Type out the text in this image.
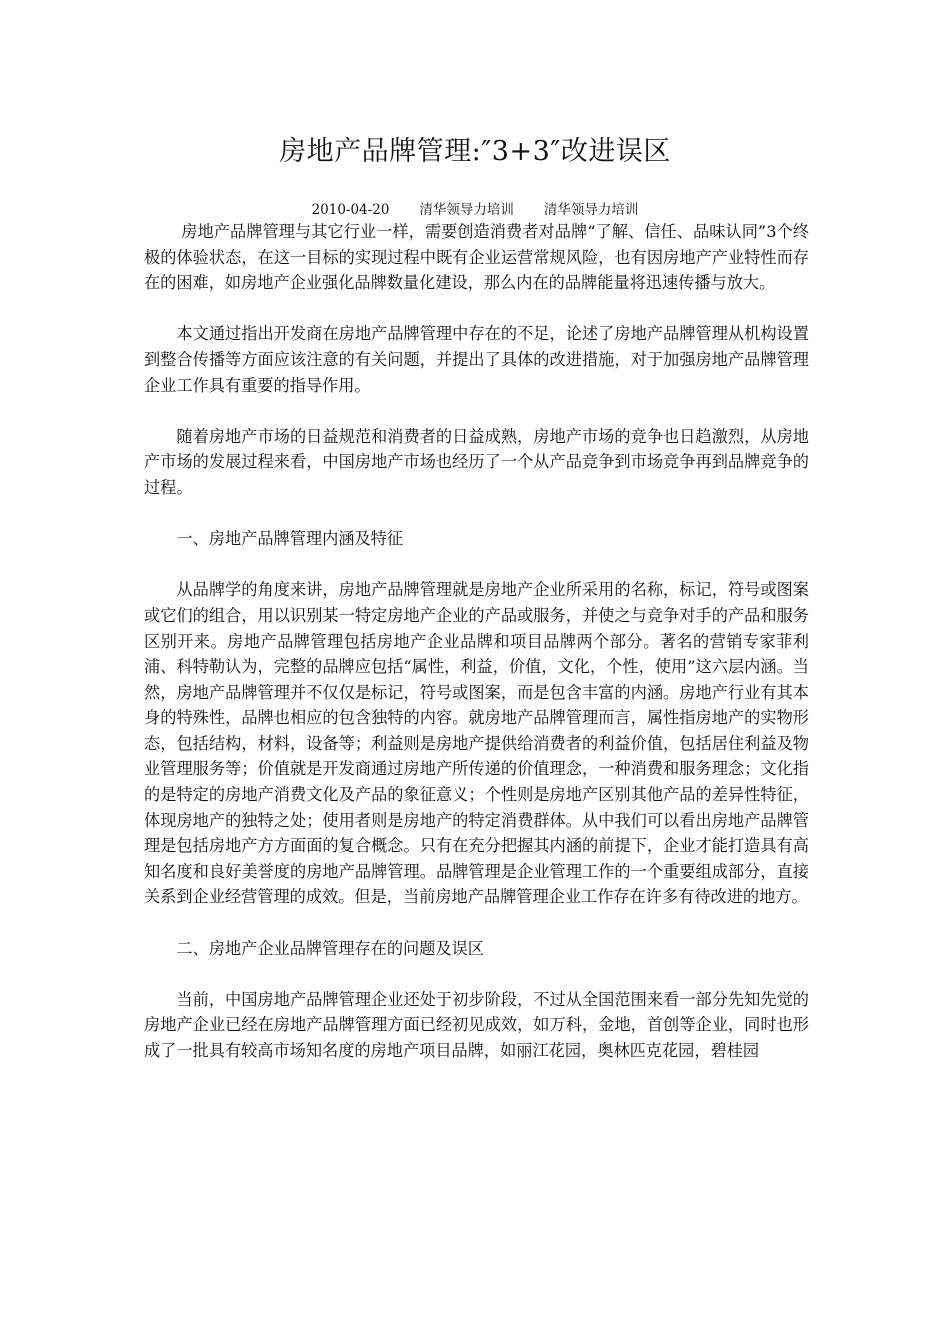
房地产品牌管理:″3+3″改进误区
2010-04-20 清华领导力培训 清华领导力培训

房地产品牌管理与其它行业一样，需要创造消费者对品牌“了解、信任、品味认同”3个终极的体验状态，在这一目标的实现过程中既有企业运营常规风险，也有因房地产产业特性而存在的困难，如房地产企业强化品牌数量化建设，那么内在的品牌能量将迅速传播与放大。

本文通过指出开发商在房地产品牌管理中存在的不足，论述了房地产品牌管理从机构设置到整合传播等方面应该注意的有关问题，并提出了具体的改进措施，对于加强房地产品牌管理企业工作具有重要的指导作用。

随着房地产市场的日益规范和消费者的日益成熟，房地产市场的竞争也日趋激烈，从房地产市场的发展过程来看，中国房地产市场也经历了一个从产品竞争到市场竞争再到品牌竞争的过程。

一、房地产品牌管理内涵及特征

从品牌学的角度来讲，房地产品牌管理就是房地产企业所采用的名称，标记，符号或图案或它们的组合，用以识别某一特定房地产企业的产品或服务，并使之与竞争对手的产品和服务区别开来。房地产品牌管理包括房地产企业品牌和项目品牌两个部分。著名的营销专家菲利浦、科特勒认为，完整的品牌应包括“属性，利益，价值，文化，个性，使用”这六层内涵。当然，房地产品牌管理并不仅仅是标记，符号或图案，而是包含丰富的内涵。房地产行业有其本身的特殊性，品牌也相应的包含独特的内容。就房地产品牌管理而言，属性指房地产的实物形态，包括结构，材料，设备等；利益则是房地产提供给消费者的利益价值，包括居住利益及物业管理服务等；价值就是开发商通过房地产所传递的价值理念，一种消费和服务理念；文化指的是特定的房地产消费文化及产品的象征意义；个性则是房地产区别其他产品的差异性特征，体现房地产的独特之处；使用者则是房地产的特定消费群体。从中我们可以看出房地产品牌管理是包括房地产方方面面的复合概念。只有在充分把握其内涵的前提下，企业才能打造具有高知名度和良好美誉度的房地产品牌管理。品牌管理是企业管理工作的一个重要组成部分，直接关系到企业经营管理的成效。但是，当前房地产品牌管理企业工作存在许多有待改进的地方。

二、房地产企业品牌管理存在的问题及误区

当前，中国房地产品牌管理企业还处于初步阶段，不过从全国范围来看一部分先知先觉的房地产企业已经在房地产品牌管理方面已经初见成效，如万科，金地，首创等企业，同时也形成了一批具有较高市场知名度的房地产项目品牌，如丽江花园，奥林匹克花园，碧桂园
